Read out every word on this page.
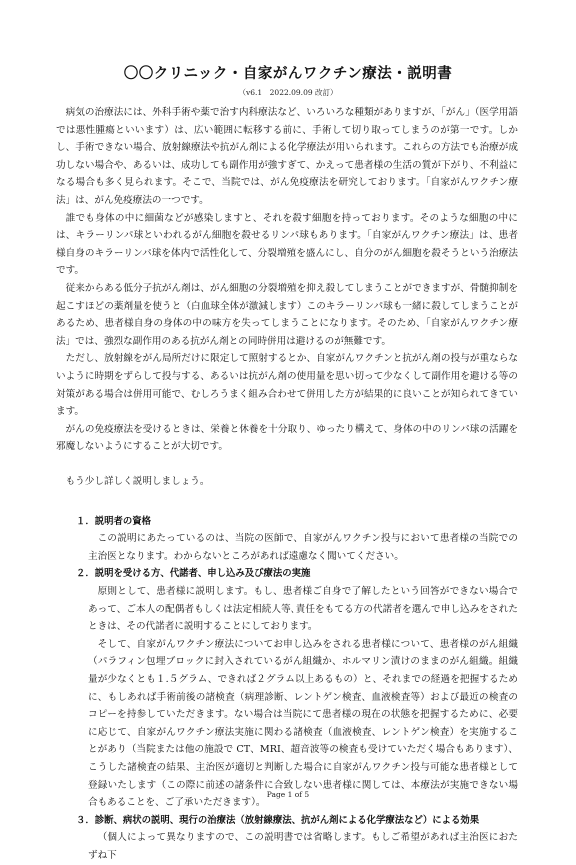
〇〇クリニック・自家がんワクチン療法・説明書
（v6.1　2022.09.09 改訂）

病気の治療法には、外科手術や薬で治す内科療法など、いろいろな種類がありますが、「がん」（医学用語では悪性腫瘍といいます）は、広い範囲に転移する前に、手術して切り取ってしまうのが第一です。しかし、手術できない場合、放射線療法や抗がん剤による化学療法が用いられます。これらの方法でも治療が成功しない場合や、あるいは、成功しても副作用が強すぎて、かえって患者様の生活の質が下がり、不利益になる場合も多く見られます。そこで、当院では、がん免疫療法を研究しております。「自家がんワクチン療法」は、がん免疫療法の一つです。

誰でも身体の中に細菌などが感染しますと、それを殺す細胞を持っております。そのような細胞の中には、キラーリンパ球といわれるがん細胞を殺せるリンパ球もあります。「自家がんワクチン療法」は、患者様自身のキラーリンパ球を体内で活性化して、分裂増殖を盛んにし、自分のがん細胞を殺そうという治療法です。

従来からある低分子抗がん剤は、がん細胞の分裂増殖を抑え殺してしまうことができますが、骨髄抑制を起こすほどの薬剤量を使うと（白血球全体が激減します）このキラーリンパ球も一緒に殺してしまうことがあるため、患者様自身の身体の中の味方を失ってしまうことになります。そのため、「自家がんワクチン療法」では、強烈な副作用のある抗がん剤との同時併用は避けるのが無難です。

ただし、放射線をがん局所だけに限定して照射するとか、自家がんワクチンと抗がん剤の投与が重ならないように時期をずらして投与する、あるいは抗がん剤の使用量を思い切って少なくして副作用を避ける等の対策がある場合は併用可能で、むしろうまく組み合わせて併用した方が結果的に良いことが知られてきています。

がんの免疫療法を受けるときは、栄養と休養を十分取り、ゆったり構えて、身体の中のリンパ球の活躍を邪魔しないようにすることが大切です。

もう少し詳しく説明しましょう。

１．説明者の資格

この説明にあたっているのは、当院の医師で、自家がんワクチン投与において患者様の当院での主治医となります。わからないところがあれば遠慮なく聞いてください。

２．説明を受ける方、代諾者、申し込み及び療法の実施

原則として、患者様に説明します。もし、患者様ご自身で了解したという回答ができない場合であって、ご本人の配偶者もしくは法定相続人等､責任をもてる方の代諾者を選んで申し込みをされたときは、その代諾者に説明することにしております。

そして、自家がんワクチン療法についてお申し込みをされる患者様について、患者様のがん組織（パラフィン包埋ブロックに封入されているがん組織か、ホルマリン漬けのままのがん組織。組織量が少なくとも１.５グラム、できれば２グラム以上あるもの）と、それまでの経過を把握するために、もしあれば手術前後の諸検査（病理診断、レントゲン検査、血液検査等）および最近の検査のコピーを持参していただきます。ない場合は当院にて患者様の現在の状態を把握するために、必要に応じて、自家がんワクチン療法実施に関わる諸検査（血液検査、レントゲン検査）を実施することがあり（当院または他の施設で CT、MRI、超音波等の検査も受けていただく場合もあります）、こうした諸検査の結果、主治医が適切と判断した場合に自家がんワクチン投与可能な患者様として登録いたします（この際に前述の諸条件に合致しない患者様に関しては、本療法が実施できない場合もあることを、ご了承いただきます）。

３．診断、病状の説明、現行の治療法（放射線療法、抗がん剤による化学療法など）による効果

（個人によって異なりますので、この説明書では省略します。もしご希望があれば主治医におたずね下

Page 1 of 5
